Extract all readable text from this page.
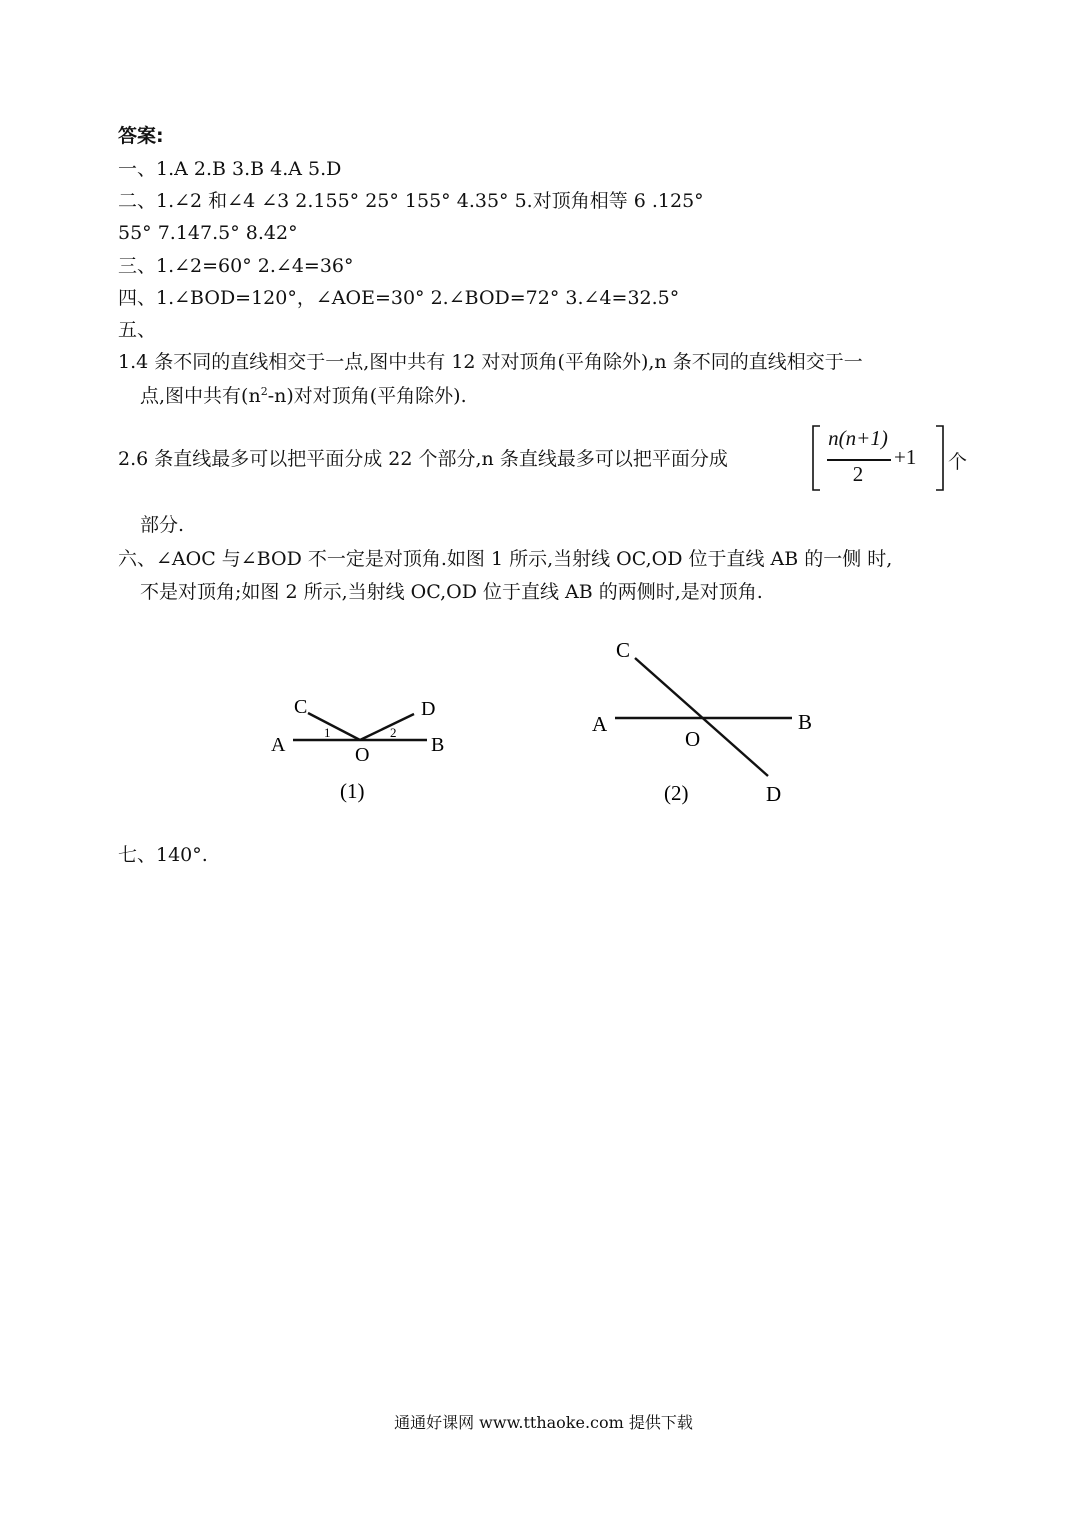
答案:
一、1.A 2.B 3.B 4.A 5.D
二、1.∠2 和∠4 ∠3 2.155° 25° 155° 4.35° 5.对顶角相等 6 .125°
55° 7.147.5° 8.42°
三、1.∠2=60° 2.∠4=36°
四、1.∠BOD=120°，∠AOE=30° 2.∠BOD=72° 3.∠4=32.5°
五、
1.4 条不同的直线相交于一点,图中共有 12 对对顶角(平角除外),n 条不同的直线相交于一
点,图中共有$(n^2-n)$对对顶角(平角除外).
2.6 条直线最多可以把平面分成 22 个部分,n 条直线最多可以把平面分成
n(n+1)
2
+1 个
部分.
六、∠AOC 与∠BOD 不一定是对顶角.如图 1 所示,当射线 OC,OD 位于直线 AB 的一侧 时,
不是对顶角;如图 2 所示,当射线 OC,OD 位于直线 AB 的两侧时,是对顶角.
A	B
C	D
O
1	2
(1)
A	B
C
D
O
(2)
七、140°.
通通好课网 www.tthaoke.com 提供下载
